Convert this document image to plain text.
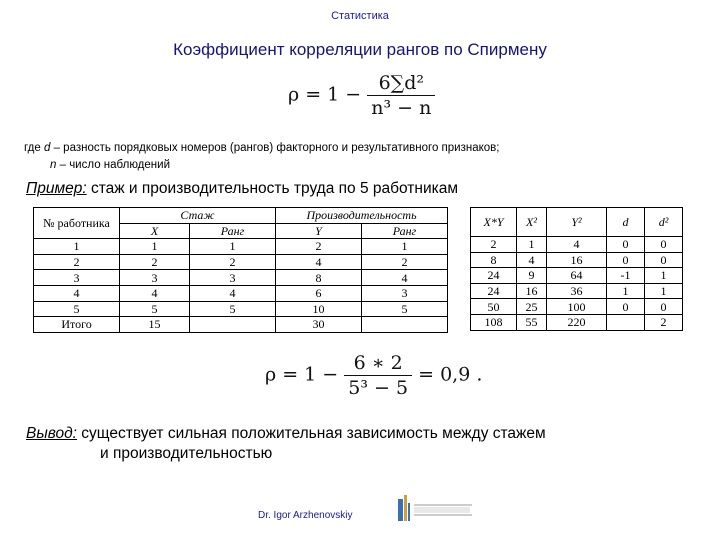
Статистика
Коэффициент корреляции рангов по Спирмену
$\rho = 1 - \frac{\text{6∑d²}}{\text{n³ − n}}$
где d – разность порядковых номеров (рангов) факторного и результативного признаков;
n – число наблюдений
Пример: стаж и производительность труда по 5 работникам
№ работника	Стаж		Производительность		
	X	Ранг	Y	Ранг	
1	1	1	2	1	
2	2	2	4	2	
3	3	3	8	4	
4	4	4	6	3	
5	5	5	10	5	
Итого	15		30		
X*Y	X²	Y²	d	d²
2	1	4	0	0
8	4	16	0	0
24	9	64	-1	1
24	16	36	1	1
50	25	100	0	0
108	55	220		2
$\rho = 1 - \frac{6 ∗ 2}{\text{5³ − 5}} = 0,9$ .
Вывод: существует сильная положительная зависимость между стажем
и производительностью
Dr. Igor Arzhenovskiy
